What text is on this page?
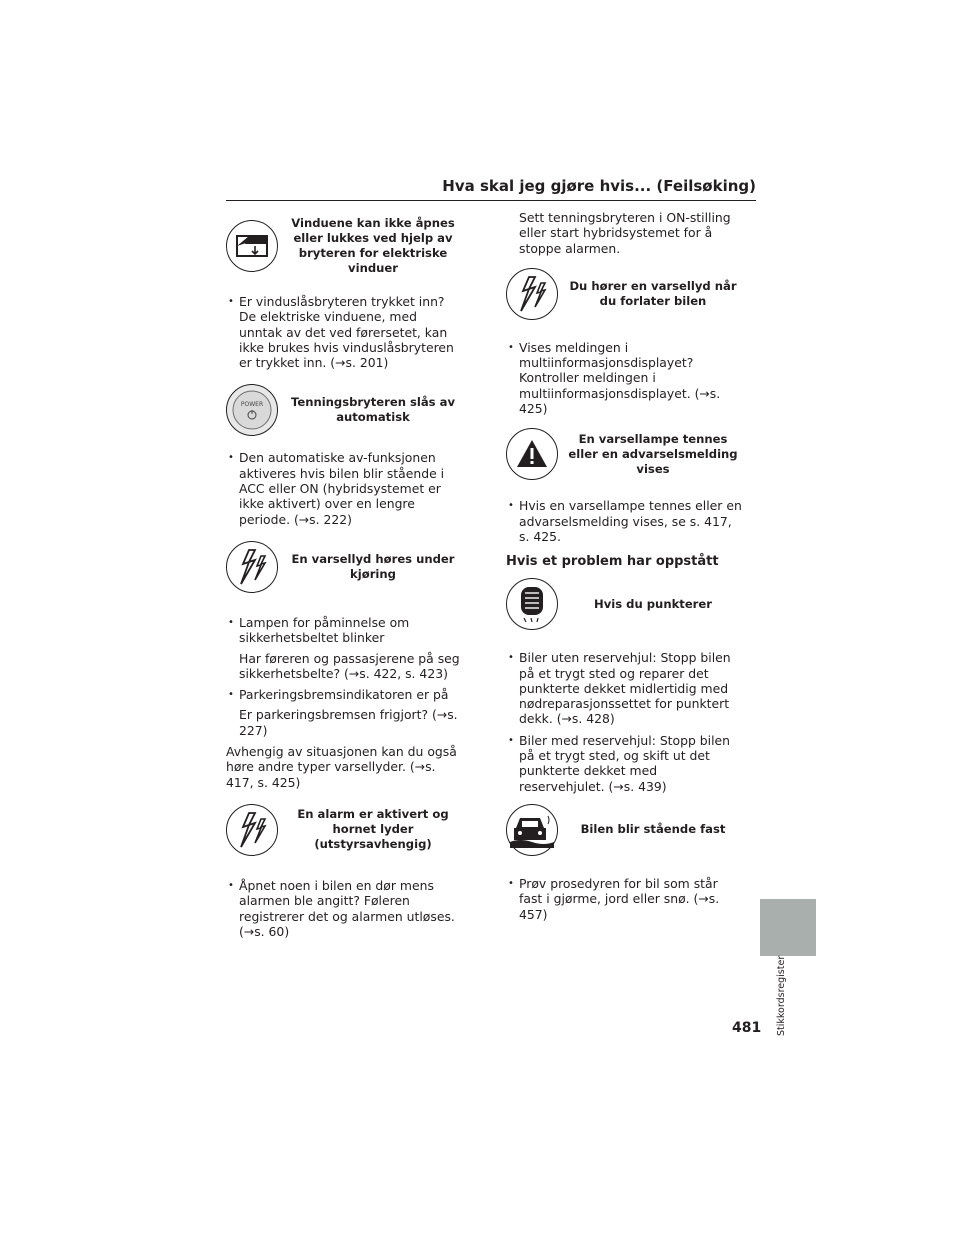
Hva skal jeg gjøre hvis... (Feilsøking)
Vinduene kan ikke åpnes eller lukkes ved hjelp av bryteren for elektriske vinduer
• Er vinduslåsbryteren trykket inn?
De elektriske vinduene, med unntak av det ved førersetet, kan ikke brukes hvis vinduslåsbryteren er trykket inn. (→s. 201)
POWER	Tenningsbryteren slås av automatisk
• Den automatiske av-funksjonen aktiveres hvis bilen blir stående i ACC eller ON (hybridsystemet er ikke aktivert) over en lengre periode. (→s. 222)
En varsellyd høres under kjøring
• Lampen for påminnelse om sikkerhetsbeltet blinker
Har føreren og passasjerene på seg sikkerhetsbelte? (→s. 422, s. 423)
• Parkeringsbremsindikatoren er på
Er parkeringsbremsen frigjort? (→s. 227)
Avhengig av situasjonen kan du også høre andre typer varsellyder. (→s. 417, s. 425)
En alarm er aktivert og hornet lyder (utstyrsavhengig)
• Åpnet noen i bilen en dør mens alarmen ble angitt? Føleren registrerer det og alarmen utløses. (→s. 60)
Sett tenningsbryteren i ON-stilling eller start hybridsystemet for å stoppe alarmen.
Du hører en varsellyd når du forlater bilen
• Vises meldingen i multiinformasjonsdisplayet? Kontroller meldingen i multiinformasjonsdisplayet. (→s. 425)
En varsellampe tennes eller en advarselsmelding vises
• Hvis en varsellampe tennes eller en advarselsmelding vises, se s. 417, s. 425.
Hvis et problem har oppstått
Hvis du punkterer
• Biler uten reservehjul: Stopp bilen på et trygt sted og reparer det punkterte dekket midlertidig med nødreparasjonssettet for punktert dekk. (→s. 428)
• Biler med reservehjul: Stopp bilen på et trygt sted, og skift ut det punkterte dekket med reservehjulet. (→s. 439)
Bilen blir stående fast
• Prøv prosedyren for bil som står fast i gjørme, jord eller snø. (→s. 457)
Stikkordsregister
481
